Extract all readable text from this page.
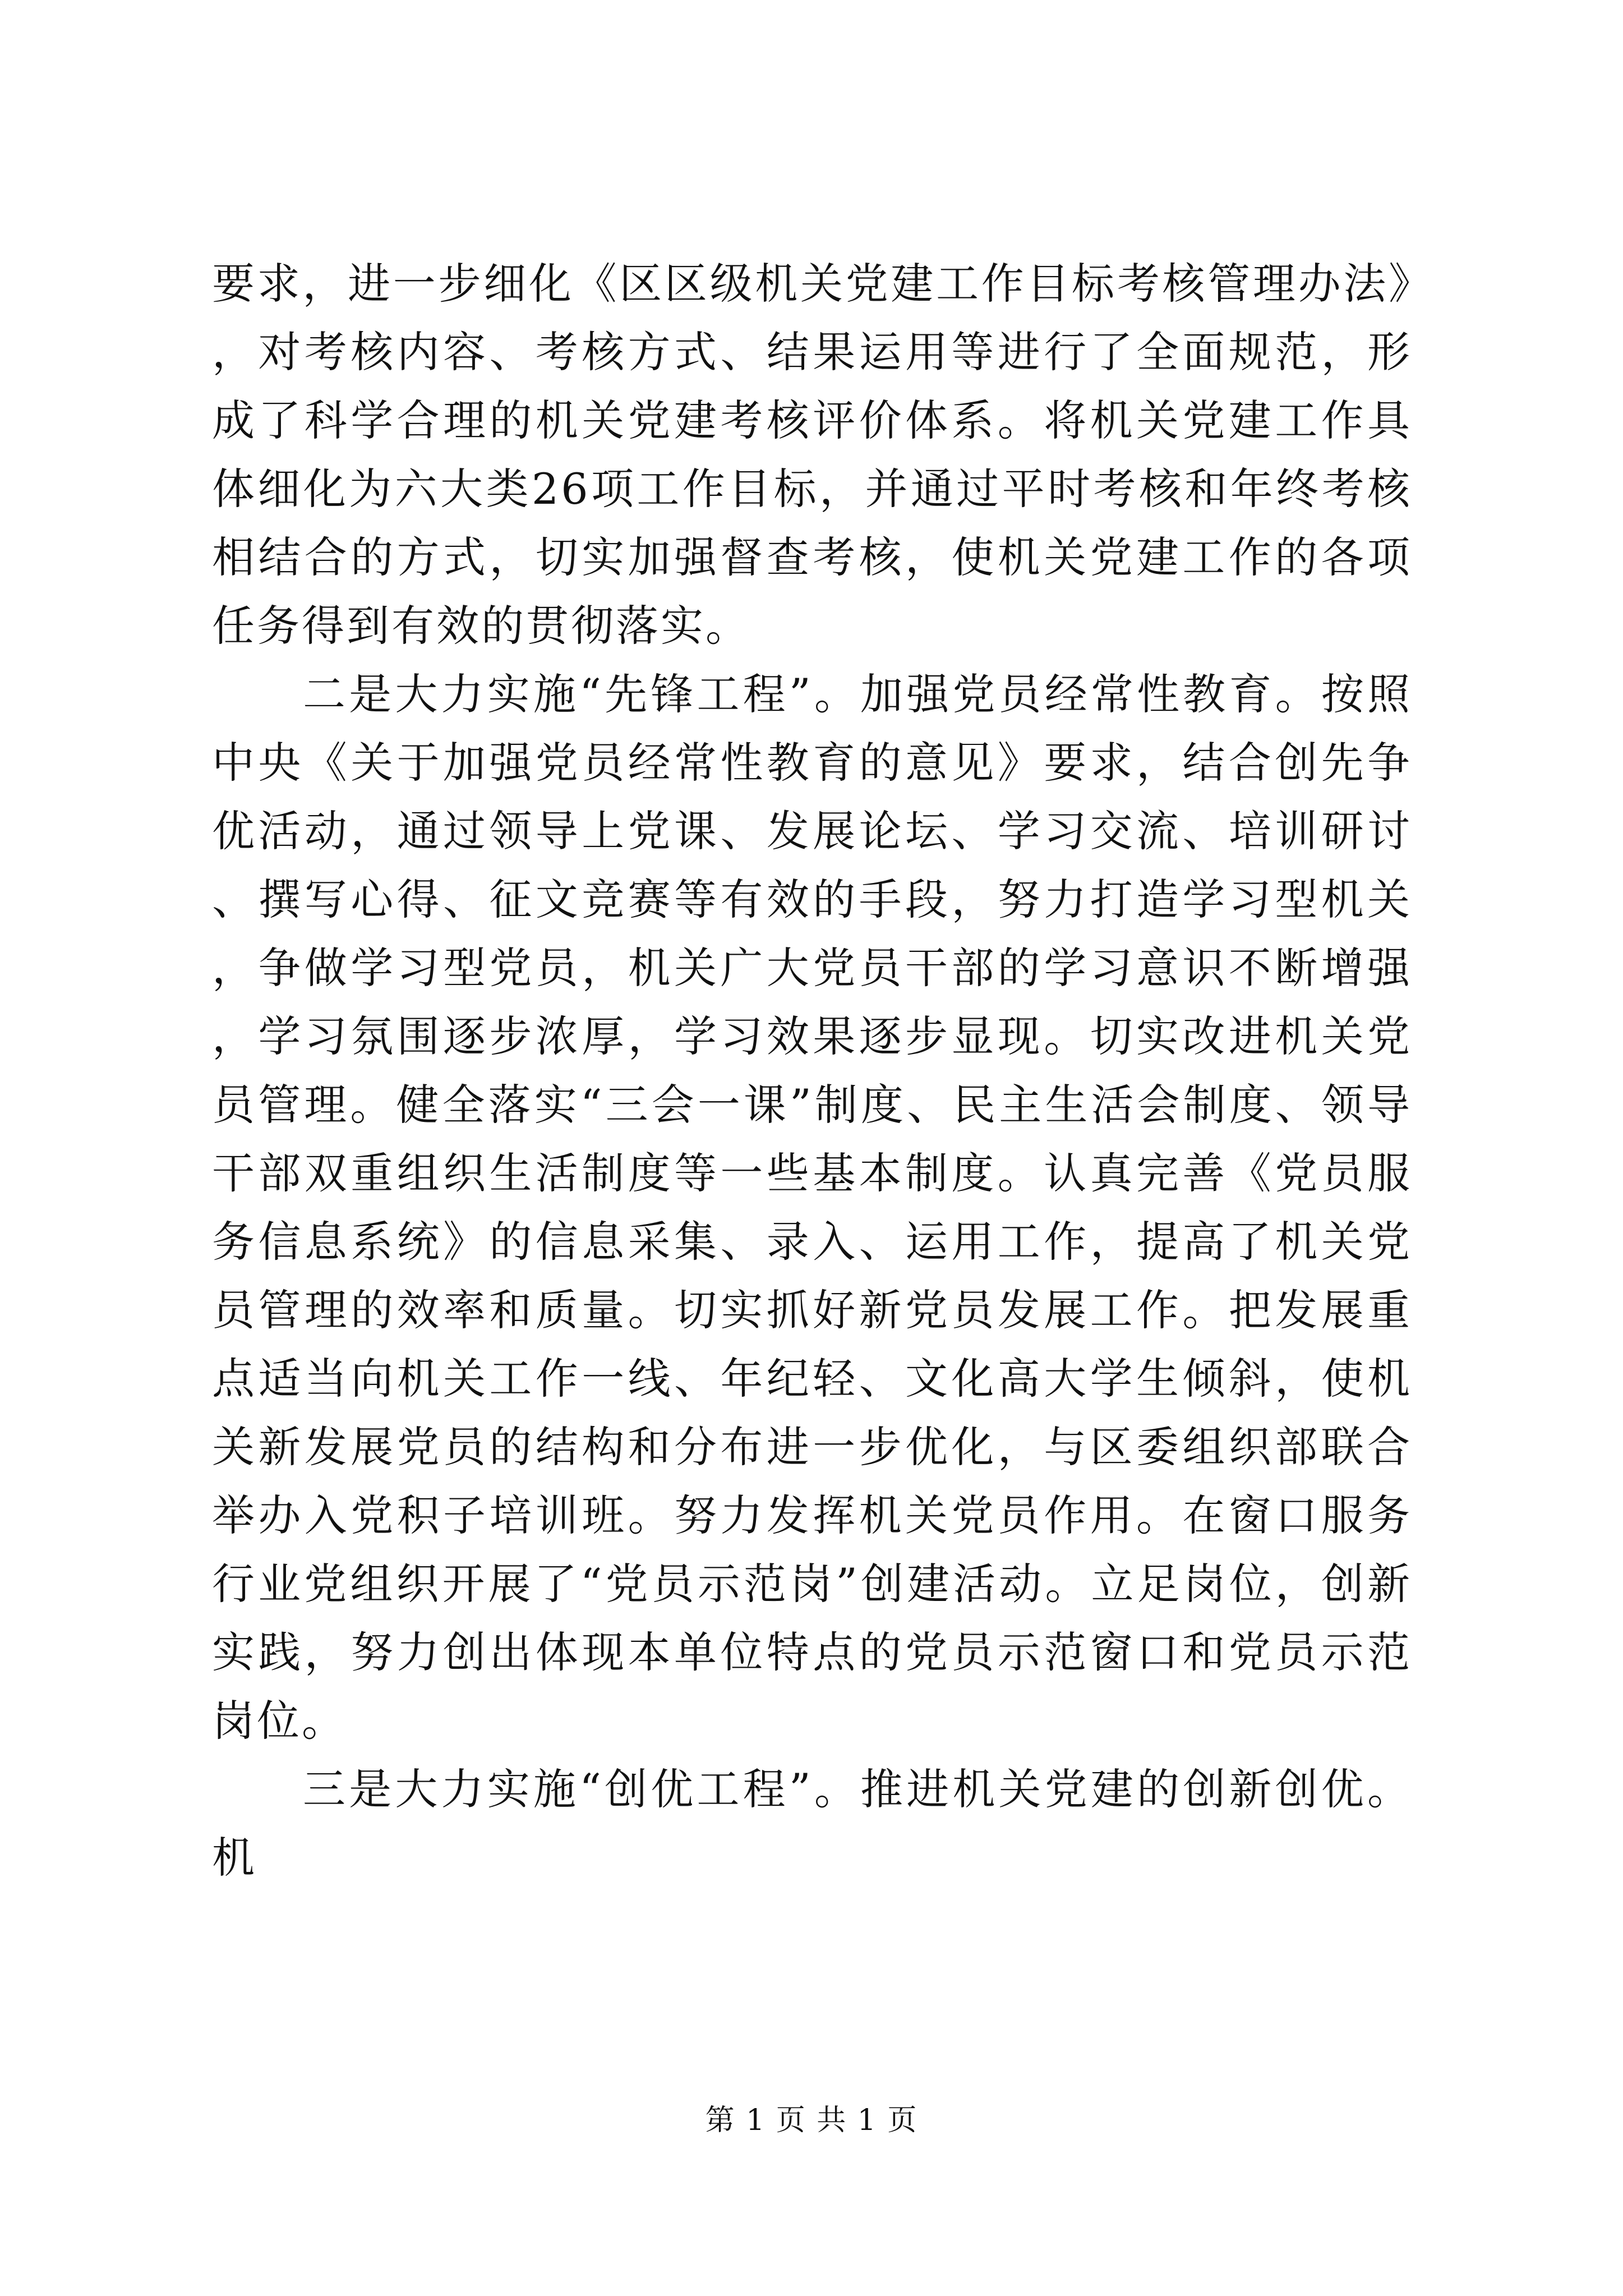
要求，进一步细化《区区级机关党建工作目标考核管理办法》，对考核内容、考核方式、结果运用等进行了全面规范，形成了科学合理的机关党建考核评价体系。将机关党建工作具体细化为六大类26项工作目标，并通过平时考核和年终考核相结合的方式，切实加强督查考核，使机关党建工作的各项任务得到有效的贯彻落实。

二是大力实施“先锋工程”。加强党员经常性教育。按照中央《关于加强党员经常性教育的意见》要求，结合创先争优活动，通过领导上党课、发展论坛、学习交流、培训研讨、撰写心得、征文竞赛等有效的手段，努力打造学习型机关，争做学习型党员，机关广大党员干部的学习意识不断增强，学习氛围逐步浓厚，学习效果逐步显现。切实改进机关党员管理。健全落实“三会一课”制度、民主生活会制度、领导干部双重组织生活制度等一些基本制度。认真完善《党员服务信息系统》的信息采集、录入、运用工作，提高了机关党员管理的效率和质量。切实抓好新党员发展工作。把发展重点适当向机关工作一线、年纪轻、文化高大学生倾斜，使机关新发展党员的结构和分布进一步优化，与区委组织部联合举办入党积子培训班。努力发挥机关党员作用。在窗口服务行业党组织开展了“党员示范岗”创建活动。立足岗位，创新实践，努力创出体现本单位特点的党员示范窗口和党员示范岗位。

三是大力实施“创优工程”。推进机关党建的创新创优。机

第 1 页 共 1 页
